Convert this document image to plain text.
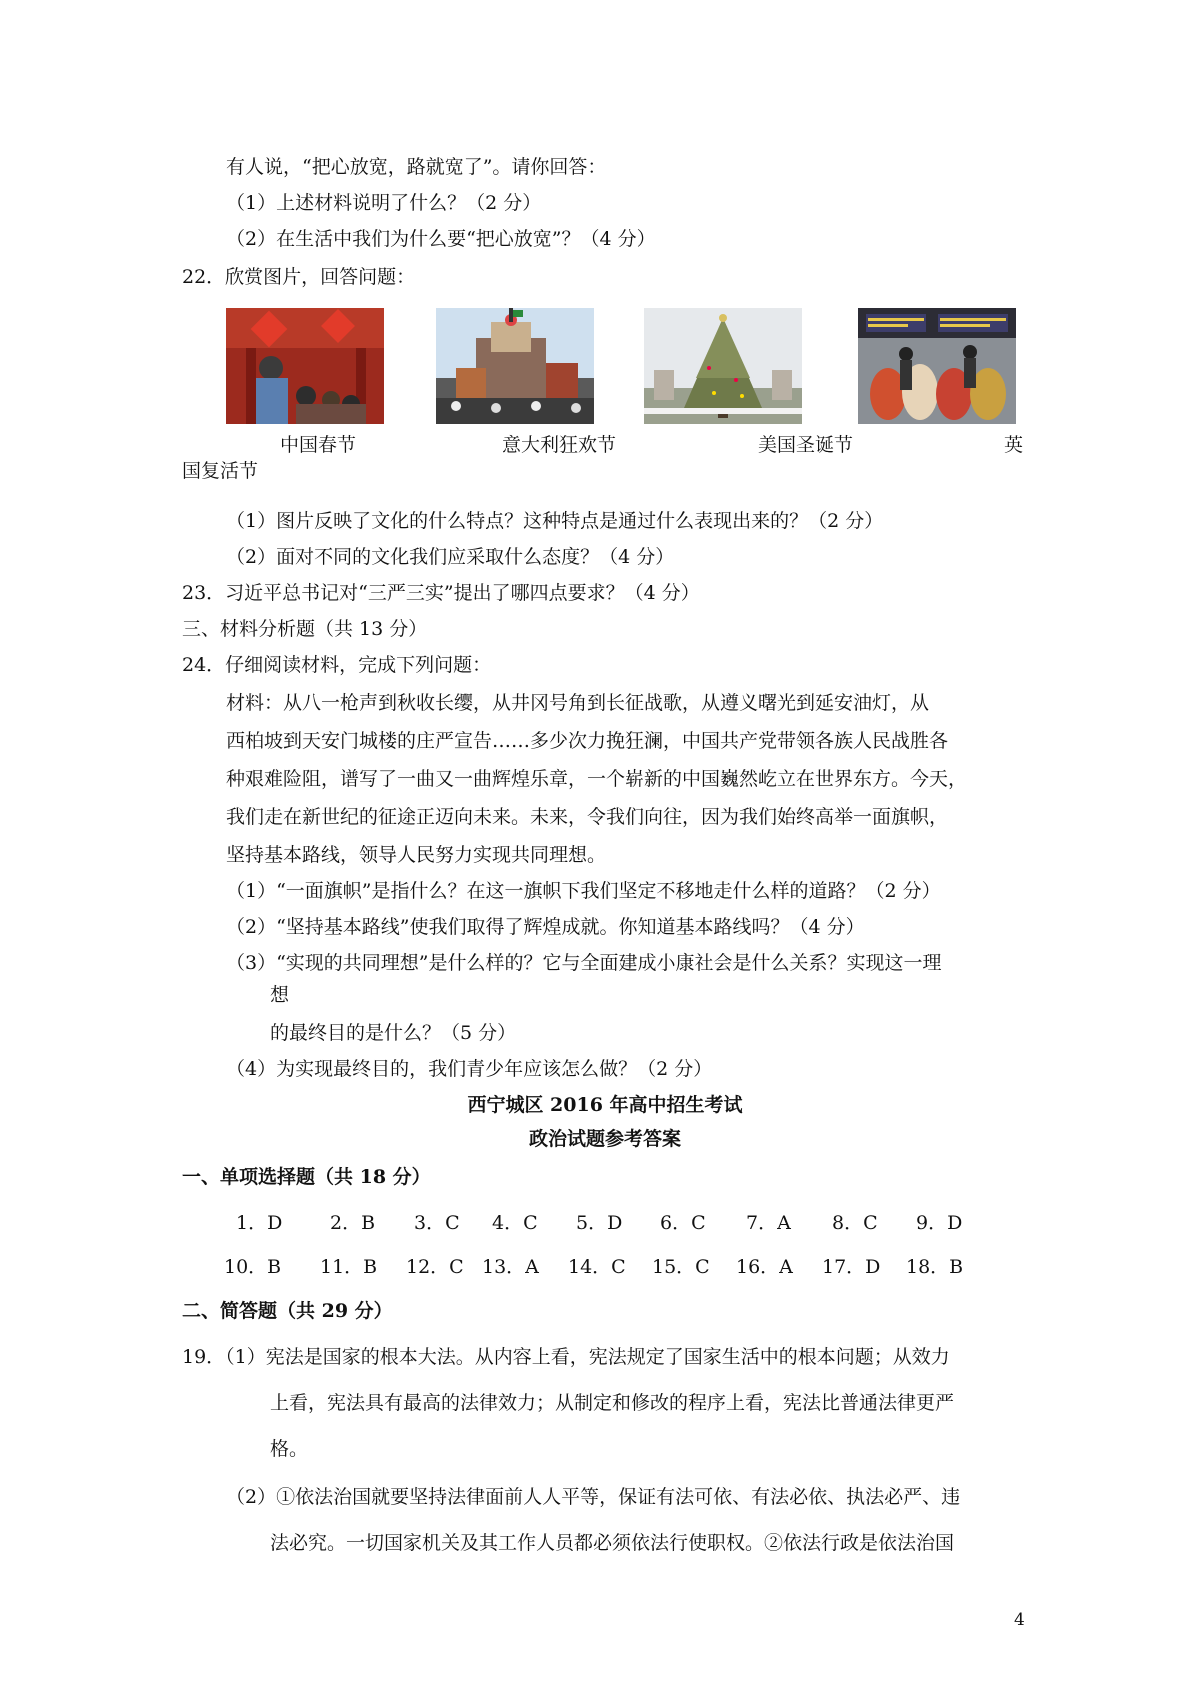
有人说，“把心放宽，路就宽了”。请你回答：
（1）上述材料说明了什么？（2 分）
（2）在生活中我们为什么要“把心放宽”？（4 分）
22．欣赏图片，回答问题：
中国春节	意大利狂欢节	美国圣诞节	英
国复活节
（1）图片反映了文化的什么特点？这种特点是通过什么表现出来的？（2 分）
（2）面对不同的文化我们应采取什么态度？（4 分）
23．习近平总书记对“三严三实”提出了哪四点要求？（4 分）
三、材料分析题（共 13 分）
24．仔细阅读材料，完成下列问题：
材料：从八一枪声到秋收长缨，从井冈号角到长征战歌，从遵义曙光到延安油灯，从
西柏坡到天安门城楼的庄严宣告……多少次力挽狂澜，中国共产党带领各族人民战胜各
种艰难险阻，谱写了一曲又一曲辉煌乐章，一个崭新的中国巍然屹立在世界东方。今天，
我们走在新世纪的征途正迈向未来。未来，令我们向往，因为我们始终高举一面旗帜，
坚持基本路线，领导人民努力实现共同理想。
（1）“一面旗帜”是指什么？在这一旗帜下我们坚定不移地走什么样的道路？（2 分）
（2）“坚持基本路线”使我们取得了辉煌成就。你知道基本路线吗？（4 分）
（3）“实现的共同理想”是什么样的？它与全面建成小康社会是什么关系？实现这一理
想
的最终目的是什么？（5 分）
（4）为实现最终目的，我们青少年应该怎么做？（2 分）
西宁城区 2016 年高中招生考试
政治试题参考答案
一、单项选择题（共 18 分）
1．D	2．B 3．C 4．C 5．D 6．C 7．A 8．C 9．D
10．B 11．B 12．C 13．A 14．C 15．C 16．A 17．D 18．B
二、简答题（共 29 分）
19．（1）宪法是国家的根本大法。从内容上看，宪法规定了国家生活中的根本问题；从效力
上看，宪法具有最高的法律效力；从制定和修改的程序上看，宪法比普通法律更严
格。
（2）①依法治国就要坚持法律面前人人平等，保证有法可依、有法必依、执法必严、违
法必究。一切国家机关及其工作人员都必须依法行使职权。②依法行政是依法治国
4
